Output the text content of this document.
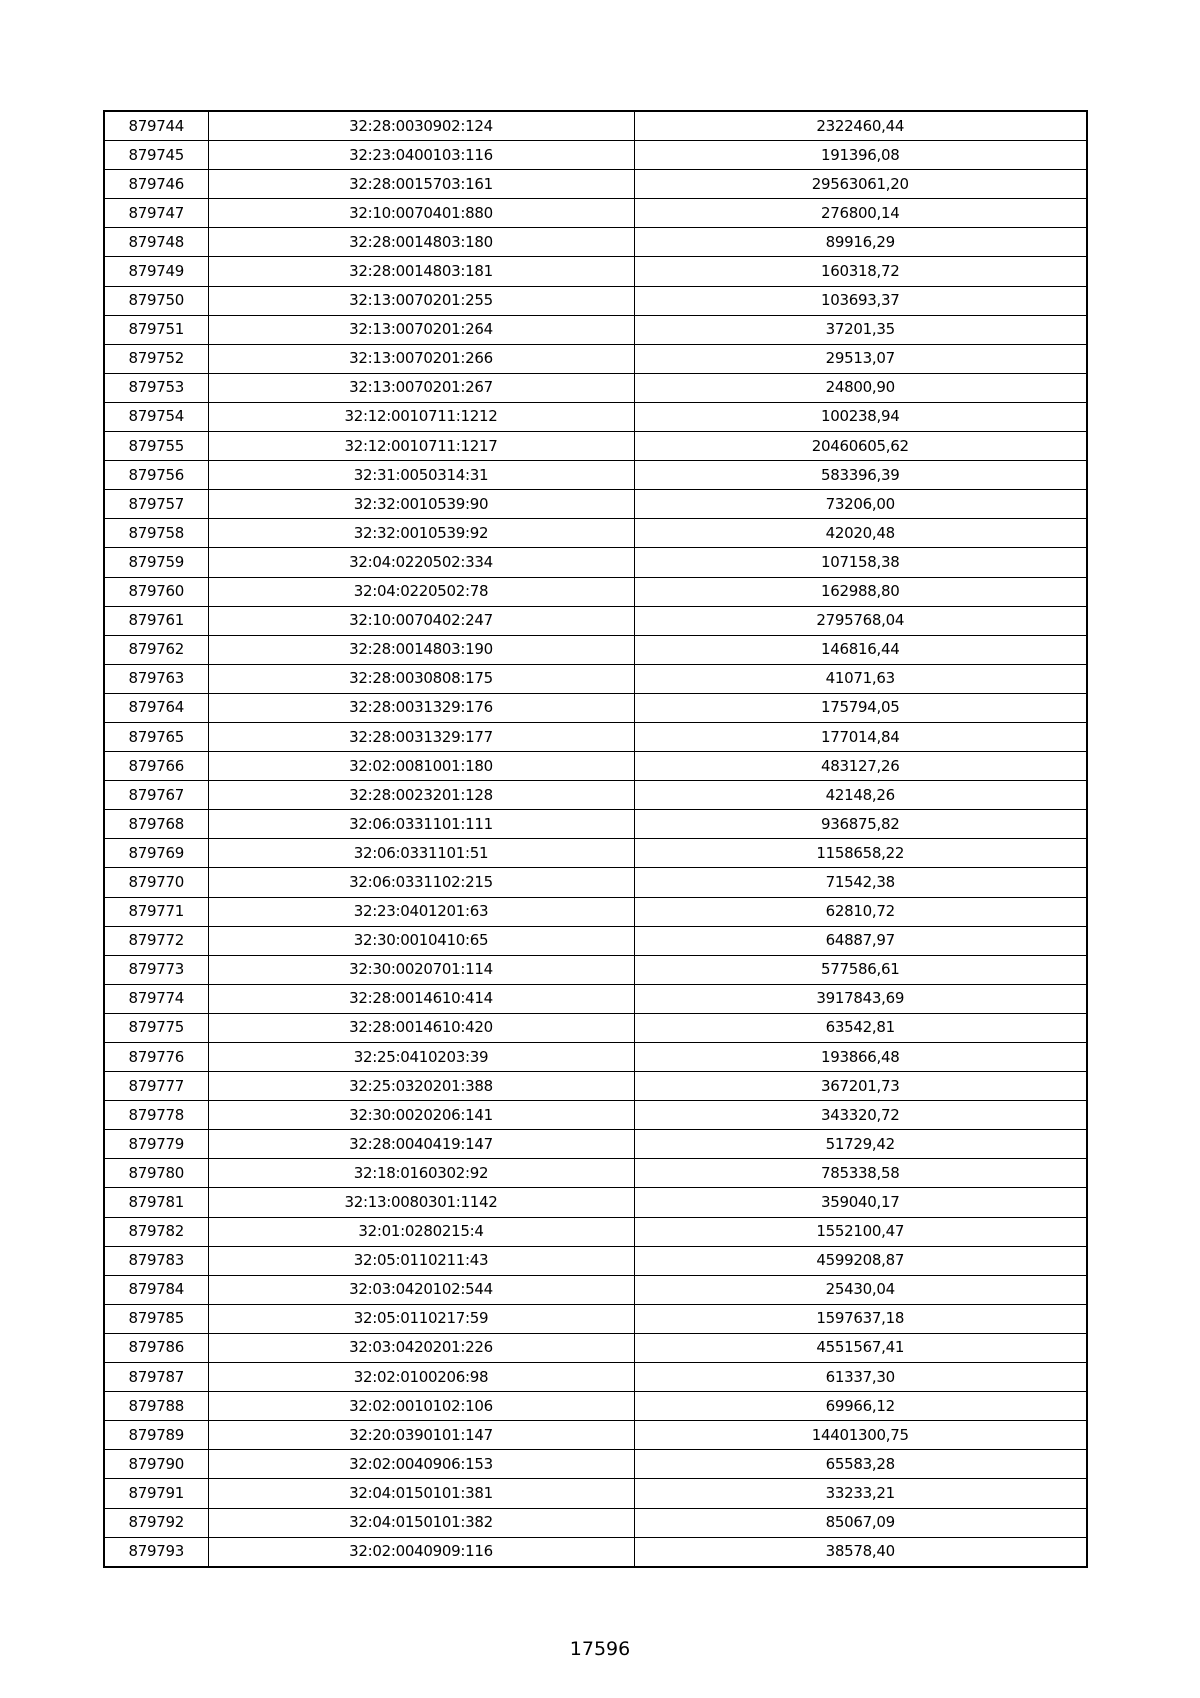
879744	32:28:0030902:124	2322460,44
879745	32:23:0400103:116	191396,08
879746	32:28:0015703:161	29563061,20
879747	32:10:0070401:880	276800,14
879748	32:28:0014803:180	89916,29
879749	32:28:0014803:181	160318,72
879750	32:13:0070201:255	103693,37
879751	32:13:0070201:264	37201,35
879752	32:13:0070201:266	29513,07
879753	32:13:0070201:267	24800,90
879754	32:12:0010711:1212	100238,94
879755	32:12:0010711:1217	20460605,62
879756	32:31:0050314:31	583396,39
879757	32:32:0010539:90	73206,00
879758	32:32:0010539:92	42020,48
879759	32:04:0220502:334	107158,38
879760	32:04:0220502:78	162988,80
879761	32:10:0070402:247	2795768,04
879762	32:28:0014803:190	146816,44
879763	32:28:0030808:175	41071,63
879764	32:28:0031329:176	175794,05
879765	32:28:0031329:177	177014,84
879766	32:02:0081001:180	483127,26
879767	32:28:0023201:128	42148,26
879768	32:06:0331101:111	936875,82
879769	32:06:0331101:51	1158658,22
879770	32:06:0331102:215	71542,38
879771	32:23:0401201:63	62810,72
879772	32:30:0010410:65	64887,97
879773	32:30:0020701:114	577586,61
879774	32:28:0014610:414	3917843,69
879775	32:28:0014610:420	63542,81
879776	32:25:0410203:39	193866,48
879777	32:25:0320201:388	367201,73
879778	32:30:0020206:141	343320,72
879779	32:28:0040419:147	51729,42
879780	32:18:0160302:92	785338,58
879781	32:13:0080301:1142	359040,17
879782	32:01:0280215:4	1552100,47
879783	32:05:0110211:43	4599208,87
879784	32:03:0420102:544	25430,04
879785	32:05:0110217:59	1597637,18
879786	32:03:0420201:226	4551567,41
879787	32:02:0100206:98	61337,30
879788	32:02:0010102:106	69966,12
879789	32:20:0390101:147	14401300,75
879790	32:02:0040906:153	65583,28
879791	32:04:0150101:381	33233,21
879792	32:04:0150101:382	85067,09
879793	32:02:0040909:116	38578,40
17596
